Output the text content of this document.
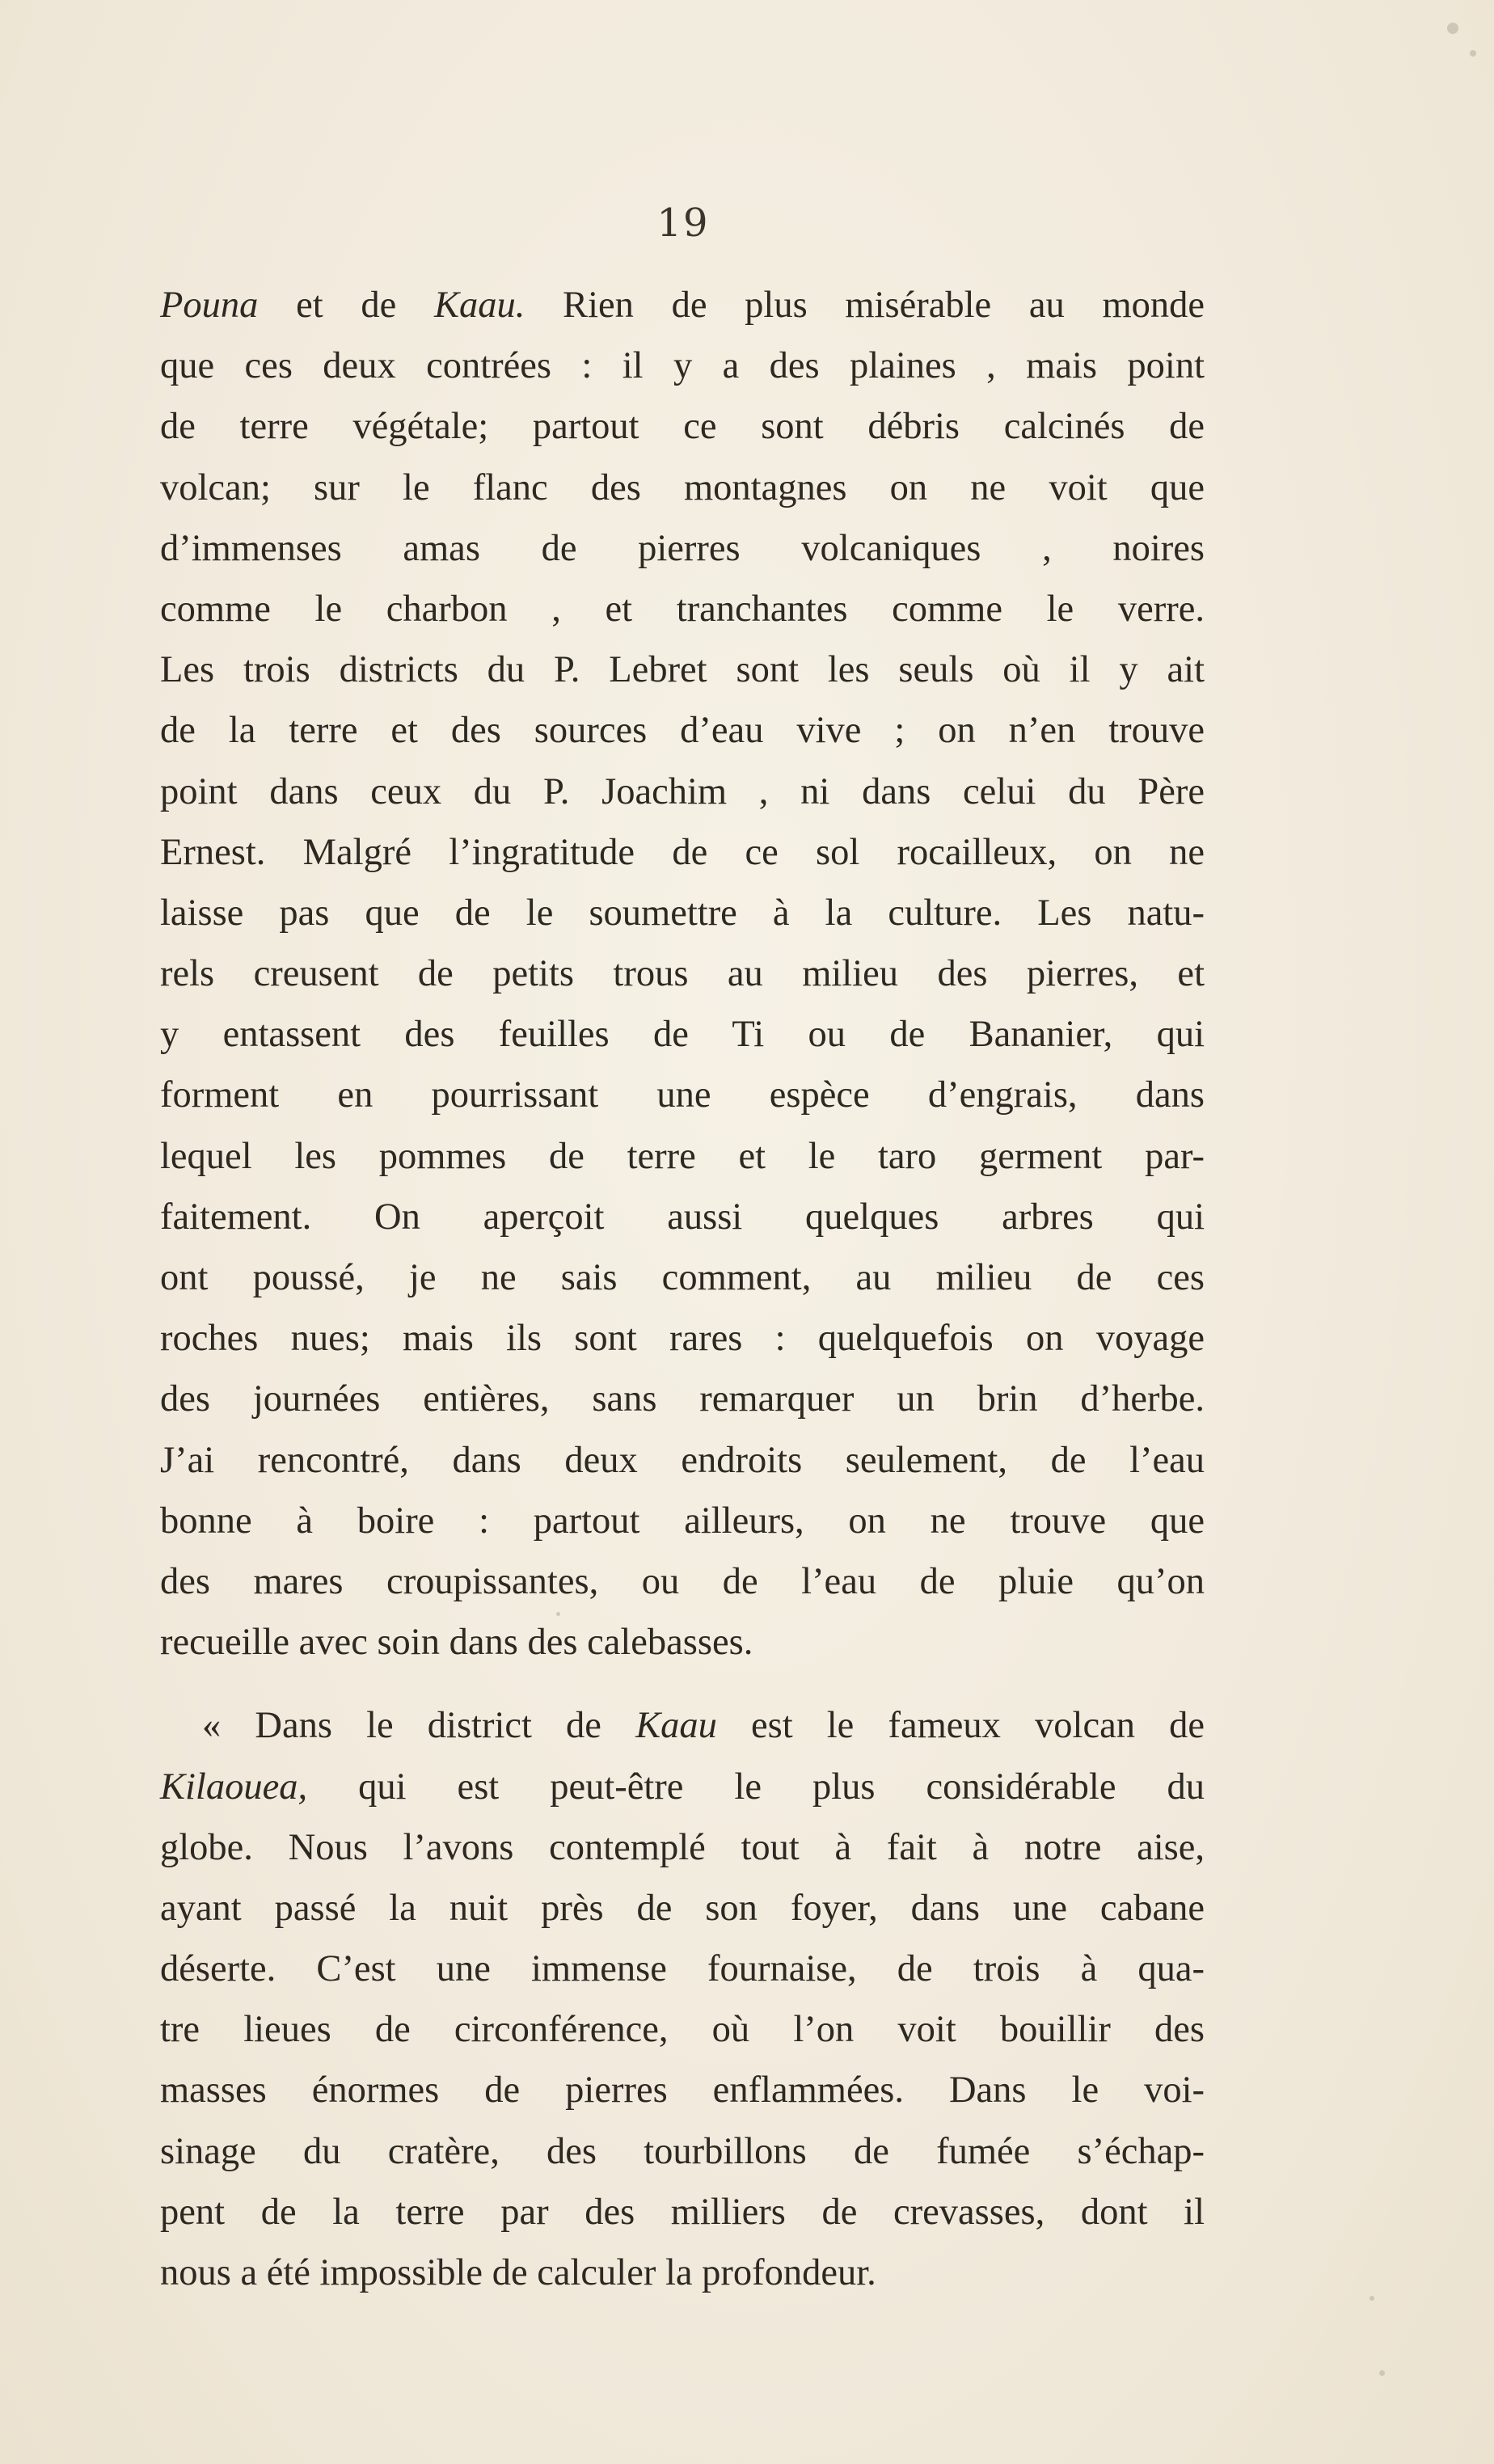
19
Pouna et de Kaau. Rien de plus misérable au monde
que ces deux contrées : il y a des plaines , mais point
de terre végétale; partout ce sont débris calcinés de
volcan; sur le flanc des montagnes on ne voit que
d’immenses amas de pierres volcaniques , noires
comme le charbon , et tranchantes comme le verre.
Les trois districts du P. Lebret sont les seuls où il y ait
de la terre et des sources d’eau vive ; on n’en trouve
point dans ceux du P. Joachim , ni dans celui du Père
Ernest. Malgré l’ingratitude de ce sol rocailleux, on ne
laisse pas que de le soumettre à la culture. Les natu-
rels creusent de petits trous au milieu des pierres, et
y entassent des feuilles de Ti ou de Bananier, qui
forment en pourrissant une espèce d’engrais, dans
lequel les pommes de terre et le taro germent par-
faitement. On aperçoit aussi quelques arbres qui
ont poussé, je ne sais comment, au milieu de ces
roches nues; mais ils sont rares : quelquefois on voyage
des journées entières, sans remarquer un brin d’herbe.
J’ai rencontré, dans deux endroits seulement, de l’eau
bonne à boire : partout ailleurs, on ne trouve que
des mares croupissantes, ou de l’eau de pluie qu’on
recueille avec soin dans des calebasses.
« Dans le district de Kaau est le fameux volcan de
Kilaouea, qui est peut-être le plus considérable du
globe. Nous l’avons contemplé tout à fait à notre aise,
ayant passé la nuit près de son foyer, dans une cabane
déserte. C’est une immense fournaise, de trois à qua-
tre lieues de circonférence, où l’on voit bouillir des
masses énormes de pierres enflammées. Dans le voi-
sinage du cratère, des tourbillons de fumée s’échap-
pent de la terre par des milliers de crevasses, dont il
nous a été impossible de calculer la profondeur.
